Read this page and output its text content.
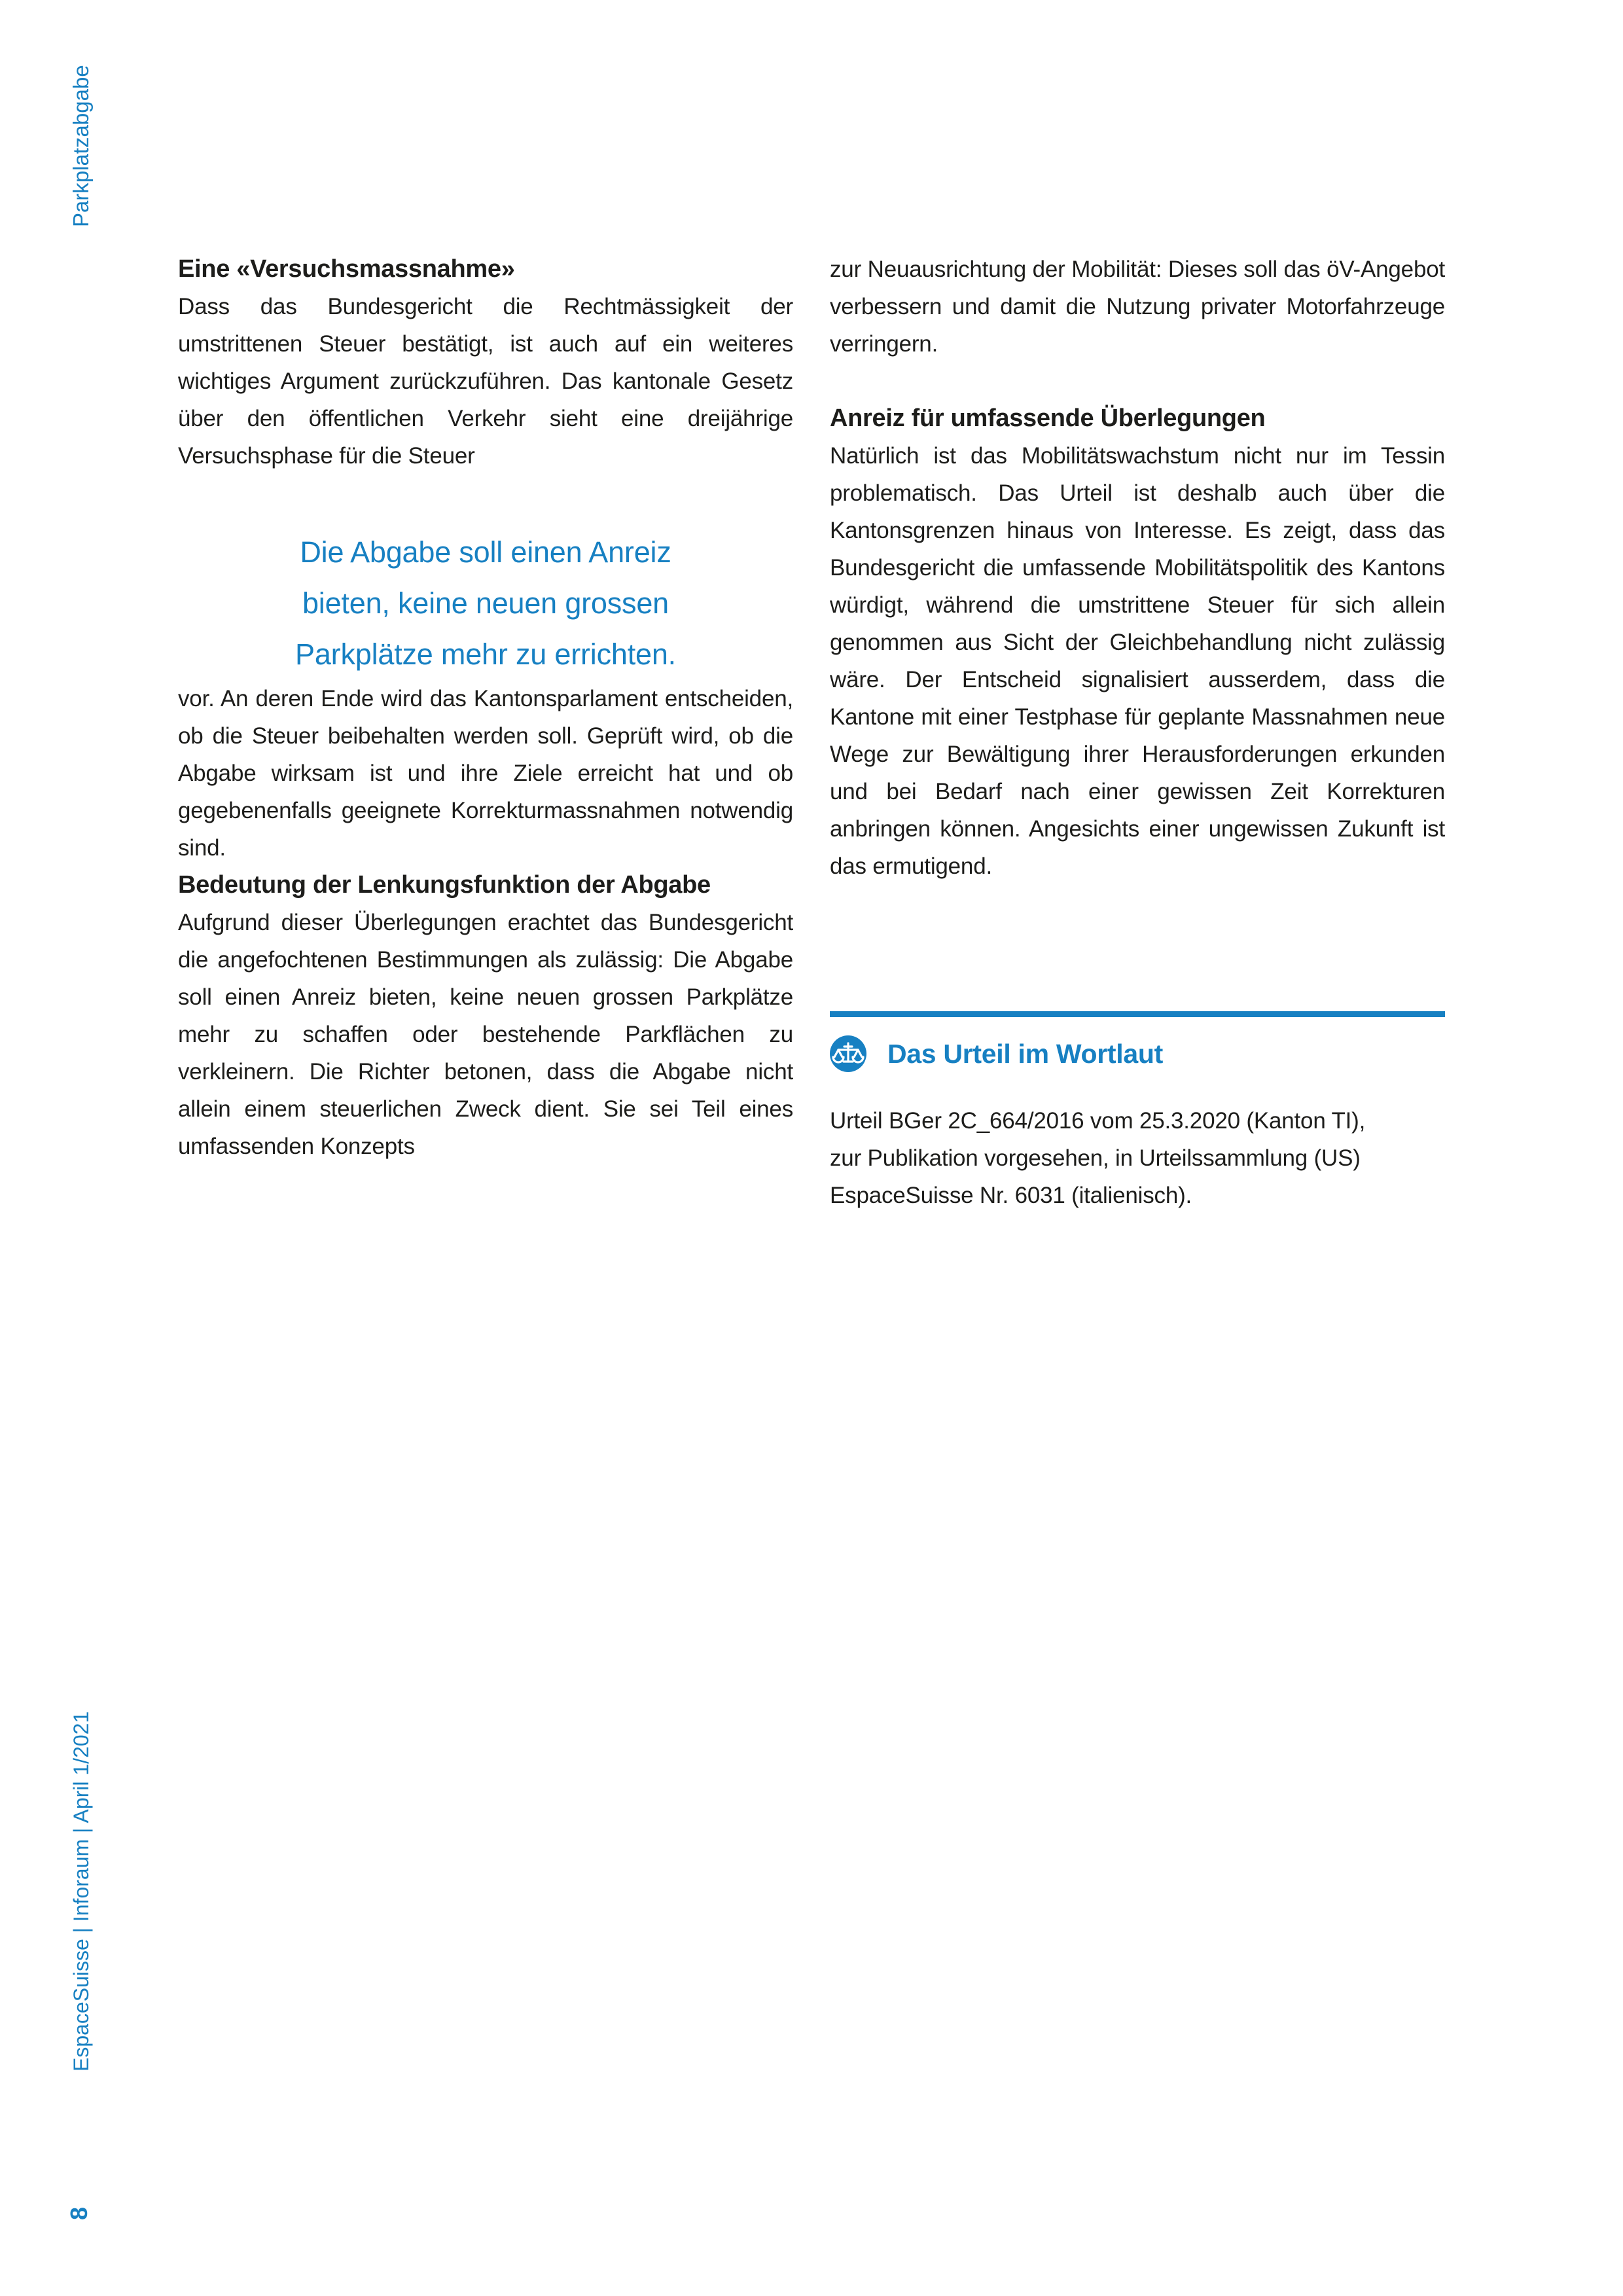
Parkplatzabgabe
Eine «Versuchsmassnahme»

Dass das Bundesgericht die Rechtmässigkeit der umstrittenen Steuer bestätigt, ist auch auf ein weiteres wichtiges Argument zurückzuführen. Das kantonale Gesetz über den öffentlichen Verkehr sieht eine dreijährige Versuchsphase für die Steuer

Die Abgabe soll einen Anreiz
bieten, keine neuen grossen
Parkplätze mehr zu errichten.

vor. An deren Ende wird das Kantonsparlament entscheiden, ob die Steuer beibehalten werden soll. Geprüft wird, ob die Abgabe wirksam ist und ihre Ziele erreicht hat und ob gegebenenfalls geeignete Korrekturmassnahmen notwendig sind.

Bedeutung der Lenkungsfunktion der Abgabe

Aufgrund dieser Überlegungen erachtet das Bundesgericht die angefochtenen Bestimmungen als zulässig: Die Abgabe soll einen Anreiz bieten, keine neuen grossen Parkplätze mehr zu schaffen oder bestehende Parkflächen zu verkleinern. Die Richter betonen, dass die Abgabe nicht allein einem steuerlichen Zweck dient. Sie sei Teil eines umfassenden Konzepts

zur Neuausrichtung der Mobilität: Dieses soll das öV-Angebot verbessern und damit die Nutzung privater Motorfahrzeuge verringern.

Anreiz für umfassende Überlegungen

Natürlich ist das Mobilitätswachstum nicht nur im Tessin problematisch. Das Urteil ist deshalb auch über die Kantonsgrenzen hinaus von Interesse. Es zeigt, dass das Bundesgericht die umfassende Mobilitätspolitik des Kantons würdigt, während die umstrittene Steuer für sich allein genommen aus Sicht der Gleichbehandlung nicht zulässig wäre. Der Entscheid signalisiert ausserdem, dass die Kantone mit einer Testphase für geplante Massnahmen neue Wege zur Bewältigung ihrer Herausforderungen erkunden und bei Bedarf nach einer gewissen Zeit Korrekturen anbringen können. Angesichts einer ungewissen Zukunft ist das ermutigend.

Das Urteil im Wortlaut
Urteil BGer 2C_664/2016 vom 25.3.2020 (Kanton TI),
zur Publikation vorgesehen, in Urteilssammlung (US)
EspaceSuisse Nr. 6031 (italienisch).
EspaceSuisse | Inforaum | April 1/2021
8
